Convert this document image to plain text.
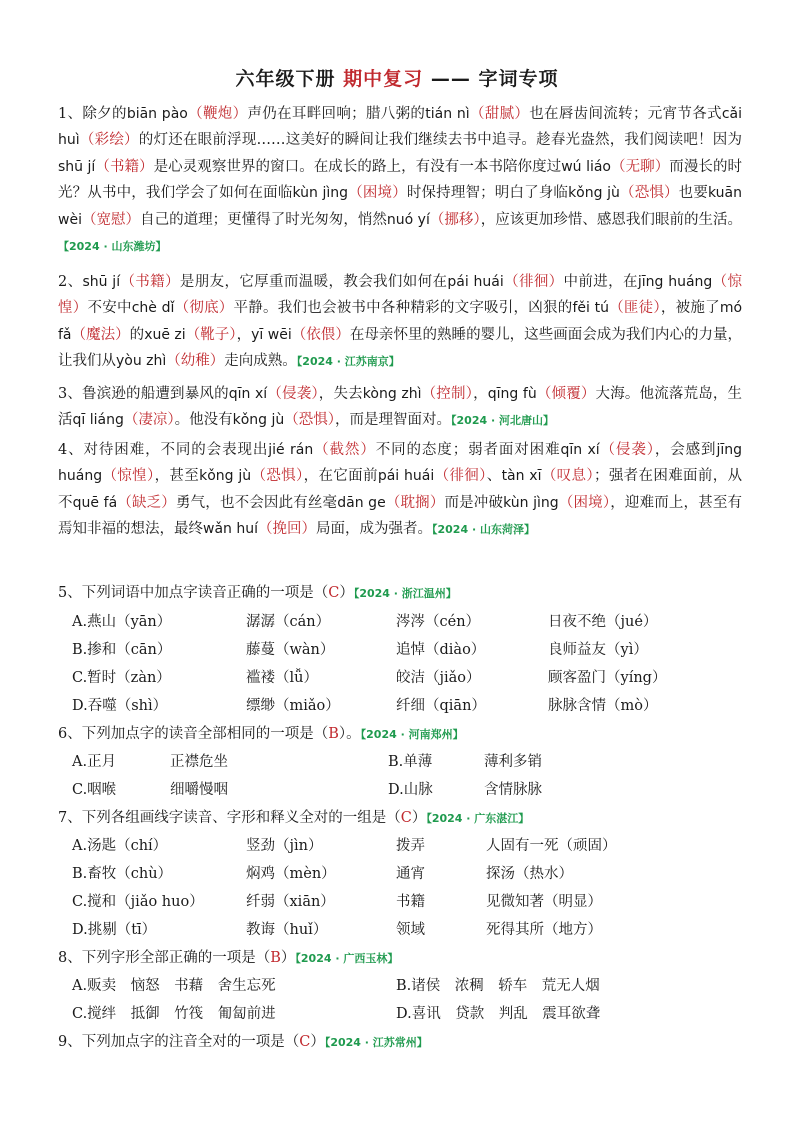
六年级下册 期中复习 —— 字词专项
1、除夕的biān pào（鞭炮）声仍在耳畔回响；腊八粥的tián nì（甜腻）也在唇齿间流转；元宵节各式cǎi huì（彩绘）的灯还在眼前浮现……这美好的瞬间让我们继续去书中追寻。趁春光盎然，我们阅读吧！因为shū jí（书籍）是心灵观察世界的窗口。在成长的路上，有没有一本书陪你度过wú liáo（无聊）而漫长的时光？从书中，我们学会了如何在面临kùn jìng（困境）时保持理智；明白了身临kǒng jù（恐惧）也要kuān wèi（宽慰）自己的道理；更懂得了时光匆匆，悄然nuó yí（挪移），应该更加珍惜、感恩我们眼前的生活。【2024 · 山东潍坊】
2、shū jí（书籍）是朋友，它厚重而温暖，教会我们如何在pái huái（徘徊）中前进，在jīng huáng（惊惶）不安中chè dǐ（彻底）平静。我们也会被书中各种精彩的文字吸引，凶狠的fěi tú（匪徒），被施了mó fǎ（魔法）的xuē zi（靴子），yī wēi（依偎）在母亲怀里的熟睡的婴儿，这些画面会成为我们内心的力量，让我们从yòu zhì（幼稚）走向成熟。【2024 · 江苏南京】
3、鲁滨逊的船遭到暴风的qīn xí（侵袭），失去kòng zhì（控制），qīng fù（倾覆）大海。他流落荒岛，生活qī liáng（凄凉）。他没有kǒng jù（恐惧），而是理智面对。【2024 · 河北唐山】
4、对待困难，不同的会表现出jié rán（截然）不同的态度；弱者面对困难qīn xí（侵袭），会感到jīng huáng（惊惶），甚至kǒng jù（恐惧），在它面前pái huái（徘徊）、tàn xī（叹息）；强者在困难面前，从不quē fá（缺乏）勇气，也不会因此有丝毫dān ge（耽搁）而是冲破kùn jìng（困境），迎难而上，甚至有焉知非福的想法，最终wǎn huí（挽回）局面，成为强者。【2024 · 山东菏泽】
5、下列词语中加点字读音正确的一项是（C）【2024 · 浙江温州】
A.燕山（yān）	潺潺（cán）	涔涔（cén）	日夜不绝（jué）
B.掺和（cān）	藤蔓（wàn）	追悼（diào）	良师益友（yì）
C.暂时（zàn）	褴褛（lǚ）	皎洁（jiǎo）	顾客盈门（yíng）
D.吞噬（shì）	缥缈（miǎo）	纤细（qiān）	脉脉含情（mò）
6、下列加点字的读音全部相同的一项是（B）。【2024 · 河南郑州】
A.正月	正襟危坐	B.单薄	薄利多销
C.咽喉	细嚼慢咽	D.山脉	含情脉脉
7、下列各组画线字读音、字形和释义全对的一组是（C）【2024 · 广东湛江】
A.汤匙（chí）	竖劲（jìn）	拨弄	人固有一死（顽固）
B.畜牧（chù）	焖鸡（mèn）	通宵	探汤（热水）
C.搅和（jiǎo huo）	纤弱（xiān）	书籍	见微知著（明显）
D.挑剔（tī）	教诲（huǐ）	领域	死得其所（地方）
8、下列字形全部正确的一项是（B）【2024 · 广西玉林】
A.贩卖　恼怒　书藉　舍生忘死	B.诸侯　浓稠　轿车　荒无人烟
C.搅绊　抵御　竹筏　匍匐前进	D.喜讯　贷款　判乱　震耳欲聋
9、下列加点字的注音全对的一项是（C）【2024 · 江苏常州】
